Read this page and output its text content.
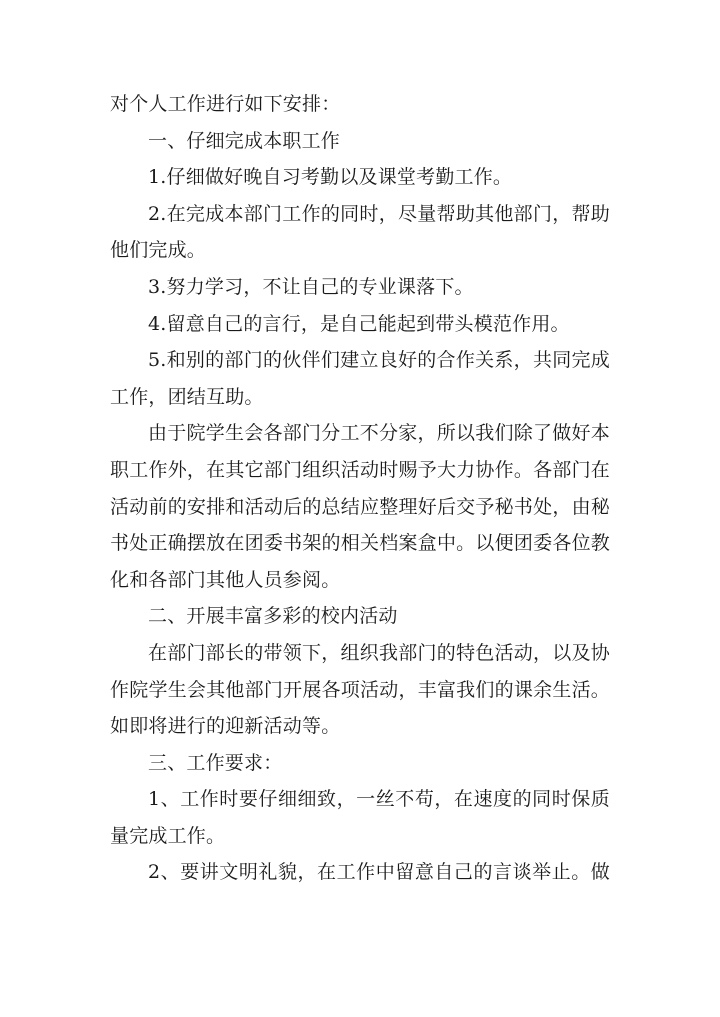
对个人工作进行如下安排：
一、仔细完成本职工作
1.仔细做好晚自习考勤以及课堂考勤工作。
2.在完成本部门工作的同时，尽量帮助其他部门，帮助
他们完成。
3.努力学习，不让自己的专业课落下。
4.留意自己的言行，是自己能起到带头模范作用。
5.和别的部门的伙伴们建立良好的合作关系，共同完成
工作，团结互助。
由于院学生会各部门分工不分家，所以我们除了做好本
职工作外，在其它部门组织活动时赐予大力协作。各部门在
活动前的安排和活动后的总结应整理好后交予秘书处，由秘
书处正确摆放在团委书架的相关档案盒中。以便团委各位教
化和各部门其他人员参阅。
二、开展丰富多彩的校内活动
在部门部长的带领下，组织我部门的特色活动，以及协
作院学生会其他部门开展各项活动，丰富我们的课余生活。
如即将进行的迎新活动等。
三、工作要求：
1、工作时要仔细细致，一丝不苟，在速度的同时保质
量完成工作。
2、要讲文明礼貌，在工作中留意自己的言谈举止。做
